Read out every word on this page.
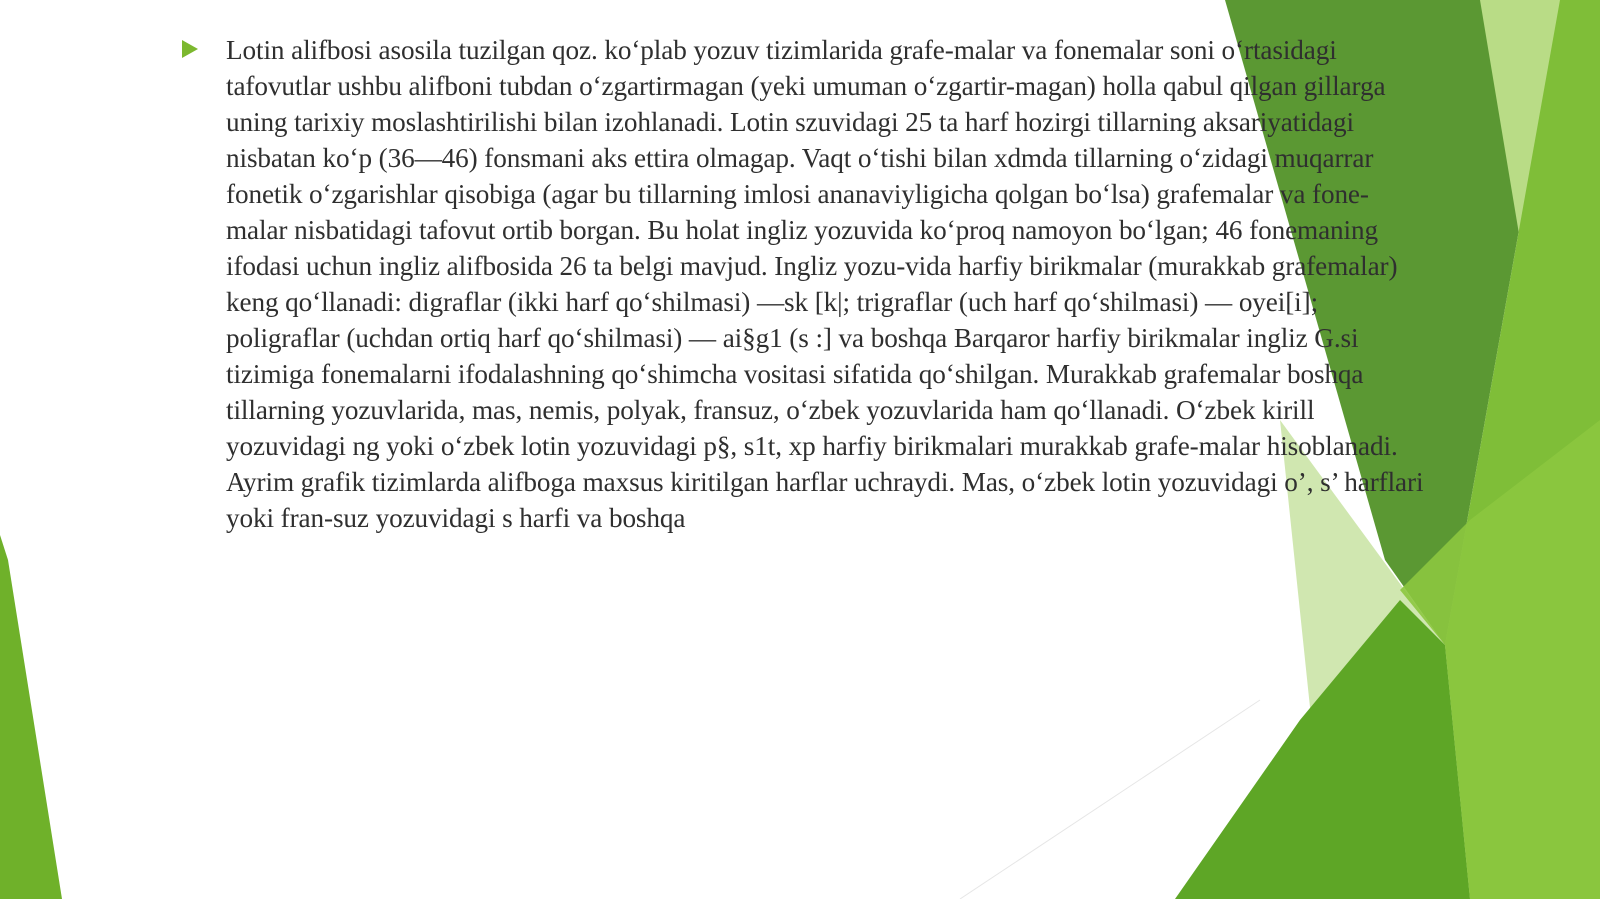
Lotin alifbosi asosila tuzilgan qoz. ko‘plab yozuv tizimlarida grafe-malar va fonemalar soni o‘rtasidagi tafovutlar ushbu alifboni tubdan o‘zgartirmagan (yeki umuman o‘zgartir-magan) holla qabul qilgan gillarga uning tarixiy moslashtirilishi bilan izohlanadi. Lotin szuvidagi 25 ta harf hozirgi tillarning aksariyatidagi nisbatan ko‘p (36—46) fonsmani aks ettira olmagap. Vaqt o‘tishi bilan xdmda tillarning o‘zidagi muqarrar fonetik o‘zgarishlar qisobiga (agar bu tillarning imlosi ananaviyligicha qolgan bo‘lsa) grafemalar va fone-malar nisbatidagi tafovut ortib borgan. Bu holat ingliz yozuvida ko‘proq namoyon bo‘lgan; 46 fonemaning ifodasi uchun ingliz alifbosida 26 ta belgi mavjud. Ingliz yozu-vida harfiy birikmalar (murakkab grafemalar) keng qo‘llanadi: digraflar (ikki harf qo‘shilmasi) —sk [k|; trigraflar (uch harf qo‘shilmasi) — oyei[i]; poligraflar (uchdan ortiq harf qo‘shilmasi) — ai§g1 (s :] va boshqa Barqaror harfiy birikmalar ingliz G.si tizimiga fonemalarni ifodalashning qo‘shimcha vositasi sifatida qo‘shilgan. Murakkab grafemalar boshqa tillarning yozuvlarida, mas, nemis, polyak, fransuz, o‘zbek yozuvlarida ham qo‘llanadi. O‘zbek kirill yozuvidagi ng yoki o‘zbek lotin yozuvidagi p§, s1t, xp harfiy birikmalari murakkab grafe-malar hisoblanadi. Ayrim grafik tizimlarda alifboga maxsus kiritilgan harflar uchraydi. Mas, o‘zbek lotin yozuvidagi o’, s’ harflari yoki fran-suz yozuvidagi s harfi va boshqa
